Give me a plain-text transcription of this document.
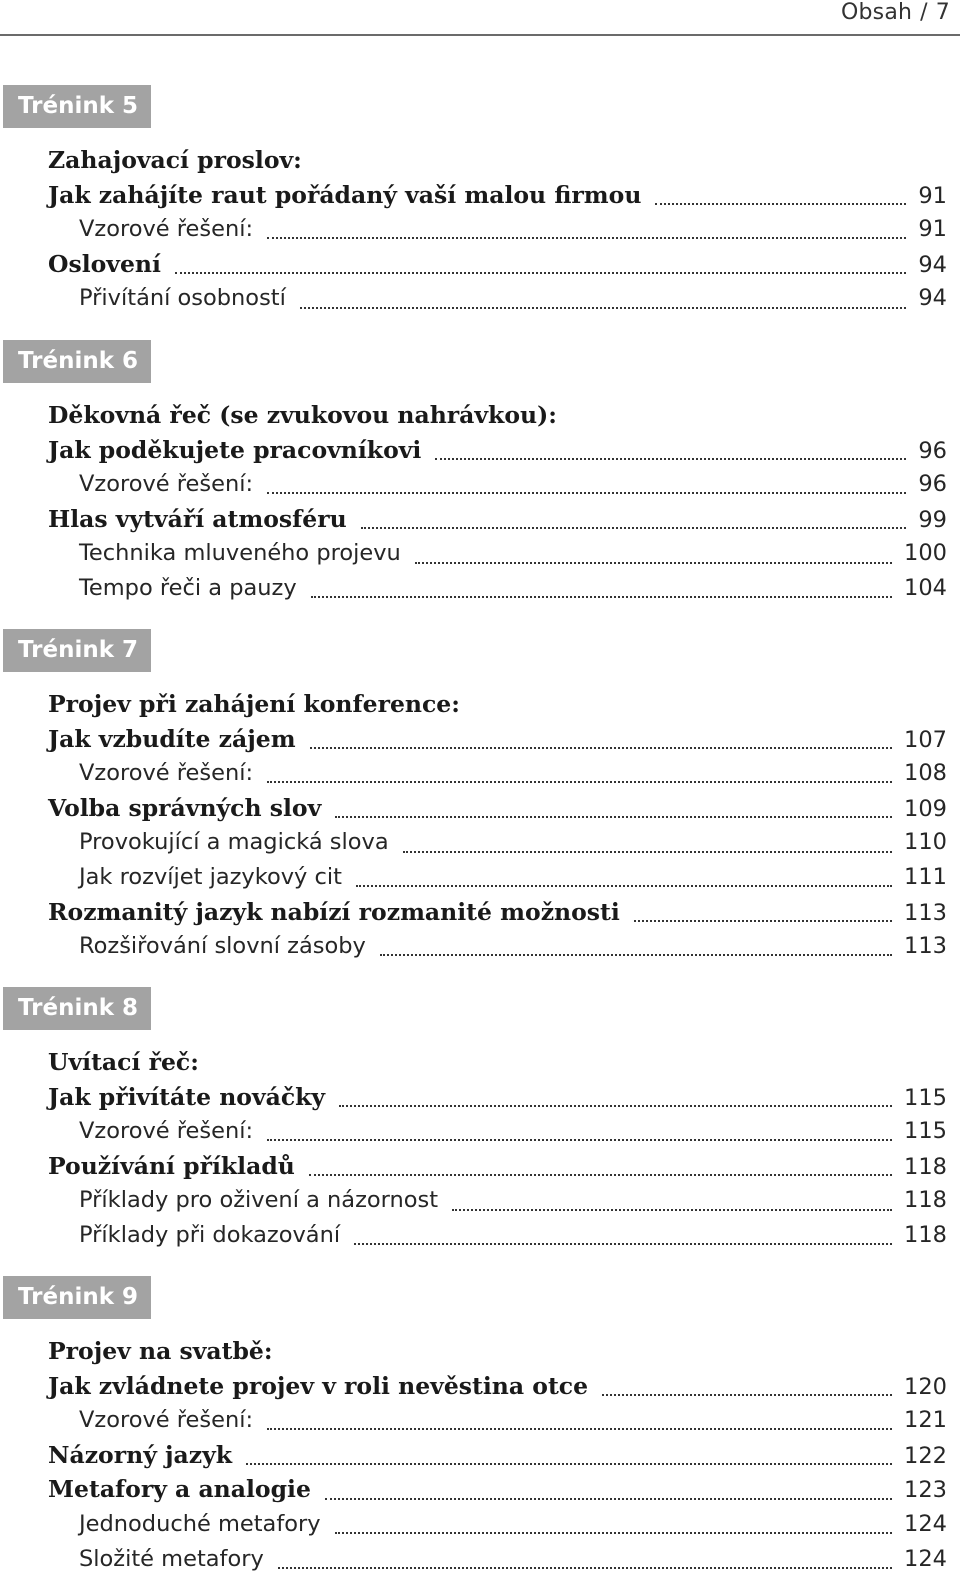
Obsah / 7
Trénink 5
Zahajovací proslov:
Jak zahájíte raut pořádaný vaší malou firmou	91
Vzorové řešení:	91
Oslovení	94
Přivítání osobností	94
Trénink 6
Děkovná řeč (se zvukovou nahrávkou):
Jak poděkujete pracovníkovi	96
Vzorové řešení:	96
Hlas vytváří atmosféru	99
Technika mluveného projevu	100
Tempo řeči a pauzy	104
Trénink 7
Projev při zahájení konference:
Jak vzbudíte zájem	107
Vzorové řešení:	108
Volba správných slov	109
Provokující a magická slova	110
Jak rozvíjet jazykový cit	111
Rozmanitý jazyk nabízí rozmanité možnosti	113
Rozšiřování slovní zásoby	113
Trénink 8
Uvítací řeč:
Jak přivítáte nováčky	115
Vzorové řešení:	115
Používání příkladů	118
Příklady pro oživení a názornost	118
Příklady při dokazování	118
Trénink 9
Projev na svatbě:
Jak zvládnete projev v roli nevěstina otce	120
Vzorové řešení:	121
Názorný jazyk	122
Metafory a analogie	123
Jednoduché metafory	124
Složité metafory	124
